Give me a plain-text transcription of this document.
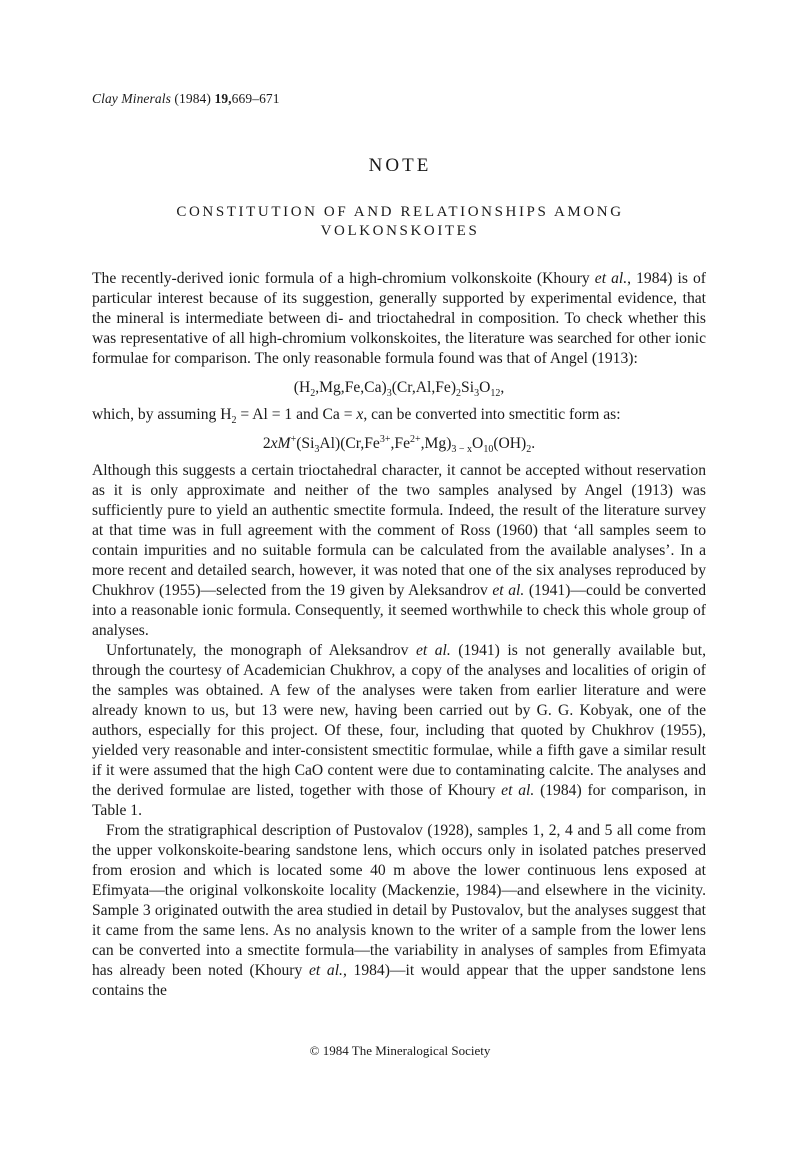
Clay Minerals (1984) 19,669–671
NOTE
CONSTITUTION OF AND RELATIONSHIPS AMONG
VOLKONSKOITES

The recently-derived ionic formula of a high-chromium volkonskoite (Khoury et al., 1984) is of particular interest because of its suggestion, generally supported by experimental evidence, that the mineral is intermediate between di- and trioctahedral in composition. To check whether this was representative of all high-chromium volkonskoites, the literature was searched for other ionic formulae for comparison. The only reasonable formula found was that of Angel (1913):

$(H_2,Mg,Fe,Ca)_3(Cr,Al,Fe)_2Si_3O_{12}$,

which, by assuming $H_2 = Al = 1$ and Ca = x, can be converted into smectitic form as:

$2xM^+(Si_3Al)(Cr,Fe^{3+},Fe^{2+},Mg)_{3 - x}O_{10}(OH)_2$.

Although this suggests a certain trioctahedral character, it cannot be accepted without reservation as it is only approximate and neither of the two samples analysed by Angel (1913) was sufficiently pure to yield an authentic smectite formula. Indeed, the result of the literature survey at that time was in full agreement with the comment of Ross (1960) that ‘all samples seem to contain impurities and no suitable formula can be calculated from the available analyses’. In a more recent and detailed search, however, it was noted that one of the six analyses reproduced by Chukhrov (1955)—selected from the 19 given by Aleksandrov et al. (1941)—could be converted into a reasonable ionic formula. Consequently, it seemed worthwhile to check this whole group of analyses.

Unfortunately, the monograph of Aleksandrov et al. (1941) is not generally available but, through the courtesy of Academician Chukhrov, a copy of the analyses and localities of origin of the samples was obtained. A few of the analyses were taken from earlier literature and were already known to us, but 13 were new, having been carried out by G. G. Kobyak, one of the authors, especially for this project. Of these, four, including that quoted by Chukhrov (1955), yielded very reasonable and inter-consistent smectitic formulae, while a fifth gave a similar result if it were assumed that the high CaO content were due to contaminating calcite. The analyses and the derived formulae are listed, together with those of Khoury et al. (1984) for comparison, in Table 1.

From the stratigraphical description of Pustovalov (1928), samples 1, 2, 4 and 5 all come from the upper volkonskoite-bearing sandstone lens, which occurs only in isolated patches preserved from erosion and which is located some 40 m above the lower continuous lens exposed at Efimyata—the original volkonskoite locality (Mackenzie, 1984)—and elsewhere in the vicinity. Sample 3 originated outwith the area studied in detail by Pustovalov, but the analyses suggest that it came from the same lens. As no analysis known to the writer of a sample from the lower lens can be converted into a smectite formula—the variability in analyses of samples from Efimyata has already been noted (Khoury et al., 1984)—it would appear that the upper sandstone lens contains the

© 1984 The Mineralogical Society
